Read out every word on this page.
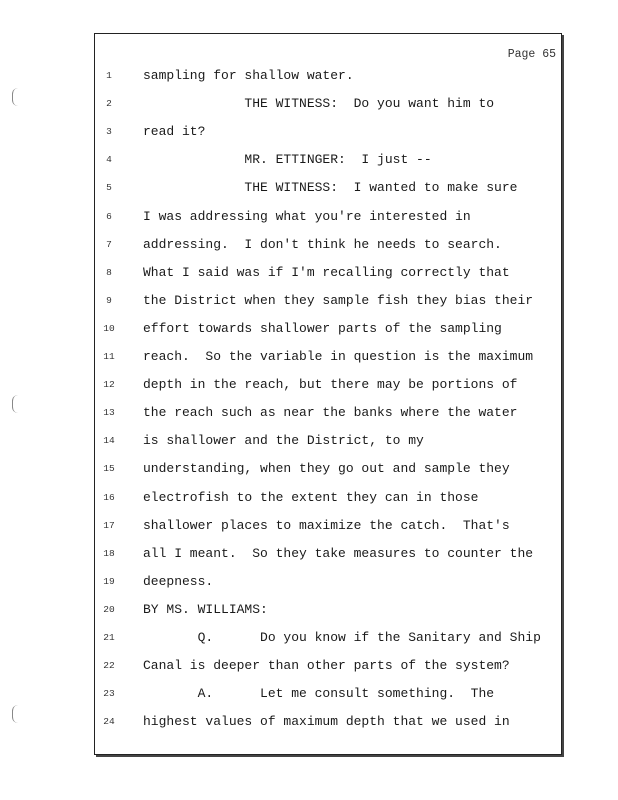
Page 65
1	sampling for shallow water.
2	THE WITNESS:  Do you want him to
3	read it?
4	MR. ETTINGER:  I just --
5	THE WITNESS:  I wanted to make sure
6	I was addressing what you're interested in
7	addressing.  I don't think he needs to search.
8	What I said was if I'm recalling correctly that
9	the District when they sample fish they bias their
10 effort towards shallower parts of the sampling
11 reach.  So the variable in question is the maximum
12 depth in the reach, but there may be portions of
13 the reach such as near the banks where the water
14 is shallower and the District, to my
15 understanding, when they go out and sample they
16 electrofish to the extent they can in those
17 shallower places to maximize the catch.  That's
18 all I meant.  So they take measures to counter the
19 deepness.
20 BY MS. WILLIAMS:
21 Q.      Do you know if the Sanitary and Ship
22 Canal is deeper than other parts of the system?
23 A.      Let me consult something.  The
24 highest values of maximum depth that we used in
